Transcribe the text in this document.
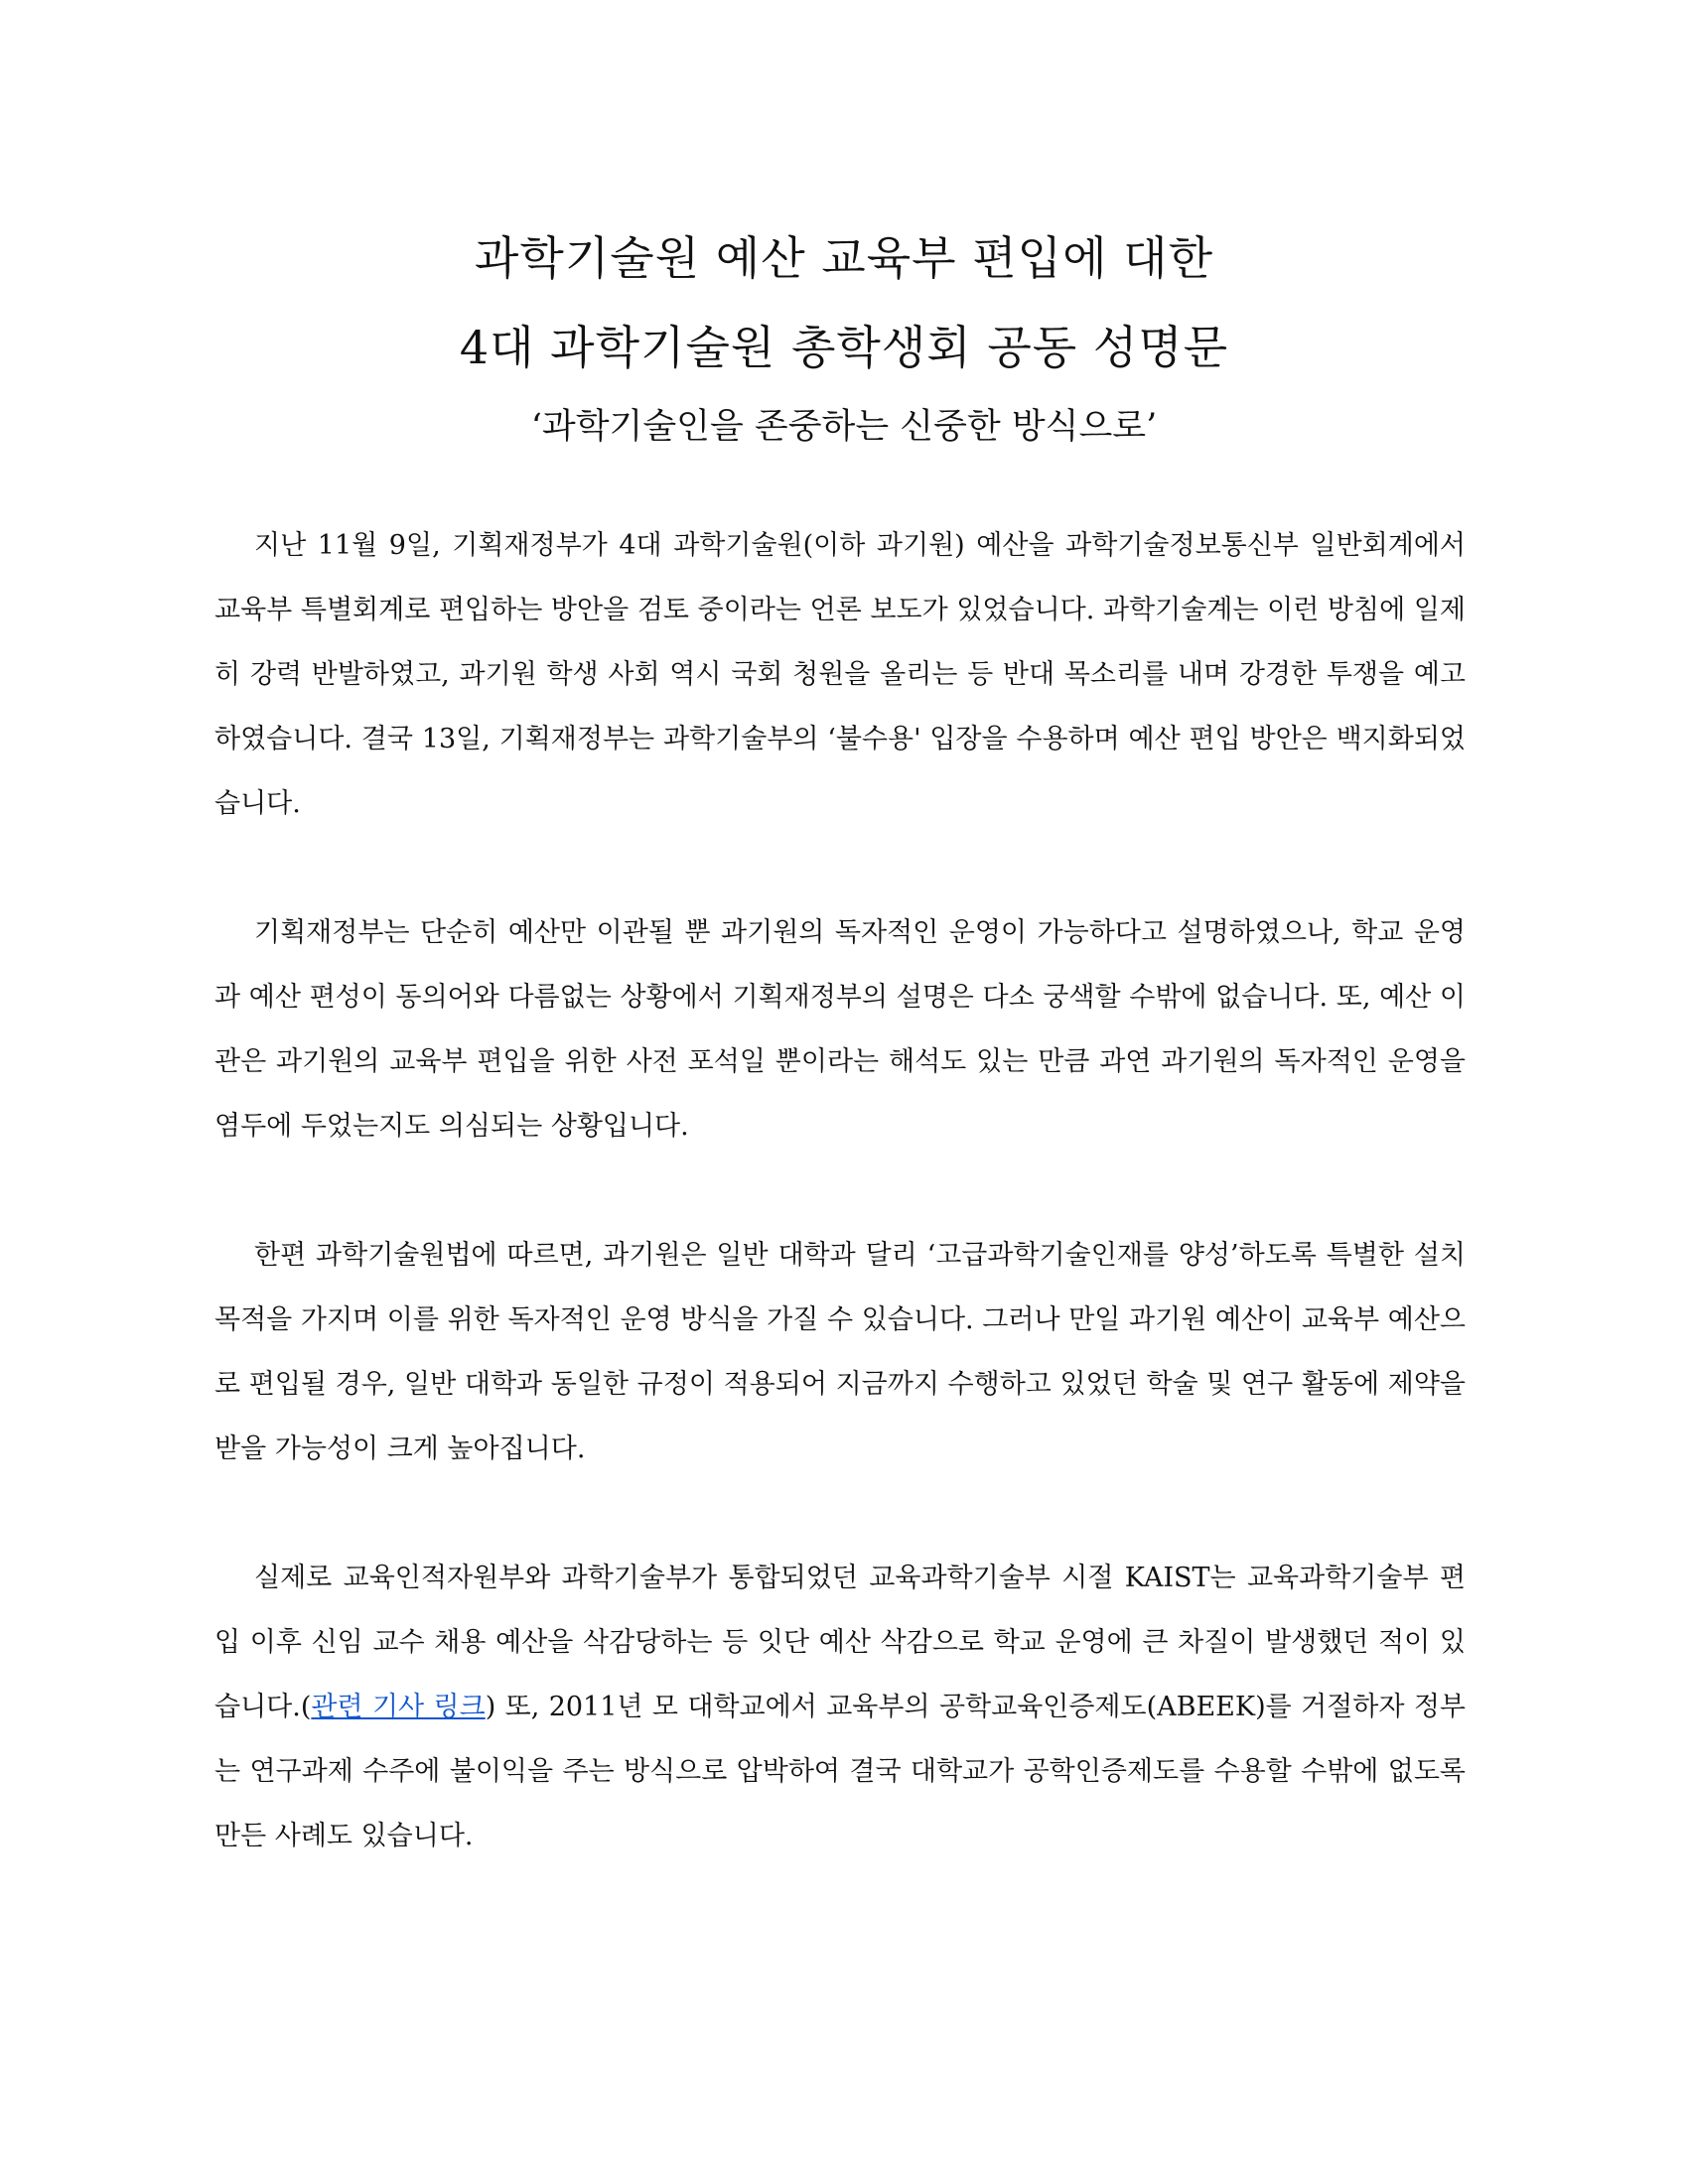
과학기술원 예산 교육부 편입에 대한
4대 과학기술원 총학생회 공동 성명문
‘과학기술인을 존중하는 신중한 방식으로’

지난 11월 9일, 기획재정부가 4대 과학기술원(이하 과기원) 예산을 과학기술정보통신부 일반회계에서 교육부 특별회계로 편입하는 방안을 검토 중이라는 언론 보도가 있었습니다. 과학기술계는 이런 방침에 일제히 강력 반발하였고, 과기원 학생 사회 역시 국회 청원을 올리는 등 반대 목소리를 내며 강경한 투쟁을 예고하였습니다. 결국 13일, 기획재정부는 과학기술부의 ‘불수용' 입장을 수용하며 예산 편입 방안은 백지화되었습니다.

기획재정부는 단순히 예산만 이관될 뿐 과기원의 독자적인 운영이 가능하다고 설명하였으나, 학교 운영과 예산 편성이 동의어와 다름없는 상황에서 기획재정부의 설명은 다소 궁색할 수밖에 없습니다. 또, 예산 이관은 과기원의 교육부 편입을 위한 사전 포석일 뿐이라는 해석도 있는 만큼 과연 과기원의 독자적인 운영을 염두에 두었는지도 의심되는 상황입니다.

한편 과학기술원법에 따르면, 과기원은 일반 대학과 달리 ‘고급과학기술인재를 양성’하도록 특별한 설치 목적을 가지며 이를 위한 독자적인 운영 방식을 가질 수 있습니다. 그러나 만일 과기원 예산이 교육부 예산으로 편입될 경우, 일반 대학과 동일한 규정이 적용되어 지금까지 수행하고 있었던 학술 및 연구 활동에 제약을 받을 가능성이 크게 높아집니다.

실제로 교육인적자원부와 과학기술부가 통합되었던 교육과학기술부 시절 KAIST는 교육과학기술부 편입 이후 신임 교수 채용 예산을 삭감당하는 등 잇단 예산 삭감으로 학교 운영에 큰 차질이 발생했던 적이 있습니다.(관련 기사 링크) 또, 2011년 모 대학교에서 교육부의 공학교육인증제도(ABEEK)를 거절하자 정부는 연구과제 수주에 불이익을 주는 방식으로 압박하여 결국 대학교가 공학인증제도를 수용할 수밖에 없도록 만든 사례도 있습니다.
